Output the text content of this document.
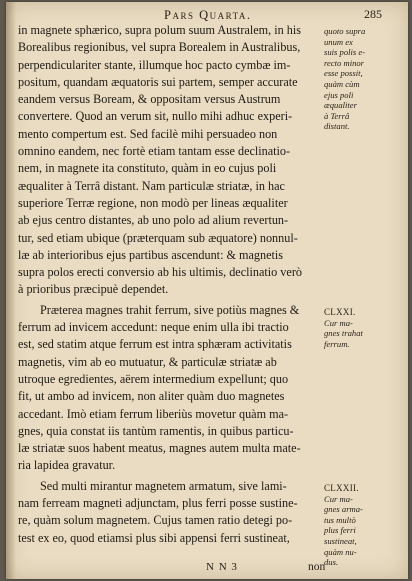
Pars Quarta.	285
in magnete sphærico, supra polum suum Australem, in his
Borealibus regionibus, vel supra Borealem in Australibus,
perpendiculariter stante, illumque hoc pacto cymbæ im-
positum, quandam æquatoris sui partem, semper accurate
eandem versus Boream, & oppositam versus Austrum
convertere. Quod an verum sit, nullo mihi adhuc experi-
mento compertum est. Sed facilè mihi persuadeo non
omnino eandem, nec fortè etiam tantam esse declinatio-
nem, in magnete ita constituto, quàm in eo cujus poli
æqualiter à Terrâ distant. Nam particulæ striatæ, in hac
superiore Terræ regione, non modò per lineas æqualiter
ab ejus centro distantes, ab uno polo ad alium revertun-
tur, sed etiam ubique (præterquam sub æquatore) nonnul-
læ ab interioribus ejus partibus ascendunt: & magnetis
supra polos erecti conversio ab his ultimis, declinatio verò
à prioribus præcipuè dependet.
Præterea magnes trahit ferrum, sive potiùs magnes &
ferrum ad invicem accedunt: neque enim ulla ibi tractio
est, sed statim atque ferrum est intra sphæram activitatis
magnetis, vim ab eo mutuatur, & particulæ striatæ ab
utroque egredientes, aërem intermedium expellunt; quo
fit, ut ambo ad invicem, non aliter quàm duo magnetes
accedant. Imò etiam ferrum liberiùs movetur quàm ma-
gnes, quia constat iis tantùm ramentis, in quibus particu-
læ striatæ suos habent meatus, magnes autem multa mate-
ria lapidea gravatur.
Sed multi mirantur magnetem armatum, sive lami-
nam ferream magneti adjunctam, plus ferri posse sustine-
re, quàm solum magnetem. Cujus tamen ratio detegi po-
test ex eo, quod etiamsi plus sibi appensi ferri sustineat,
quoto supra
unum ex
suis polis e-
recto minor
esse possit,
quàm cùm
ejus poli
æqualiter
à Terrâ
distant.
CLXXI.
Cur ma-
gnes trahat
ferrum.
CLXXII.
Cur ma-
gnes arma-
tus multò
plus ferri
sustineat,
quàm nu-
dus.
N N 3	non
